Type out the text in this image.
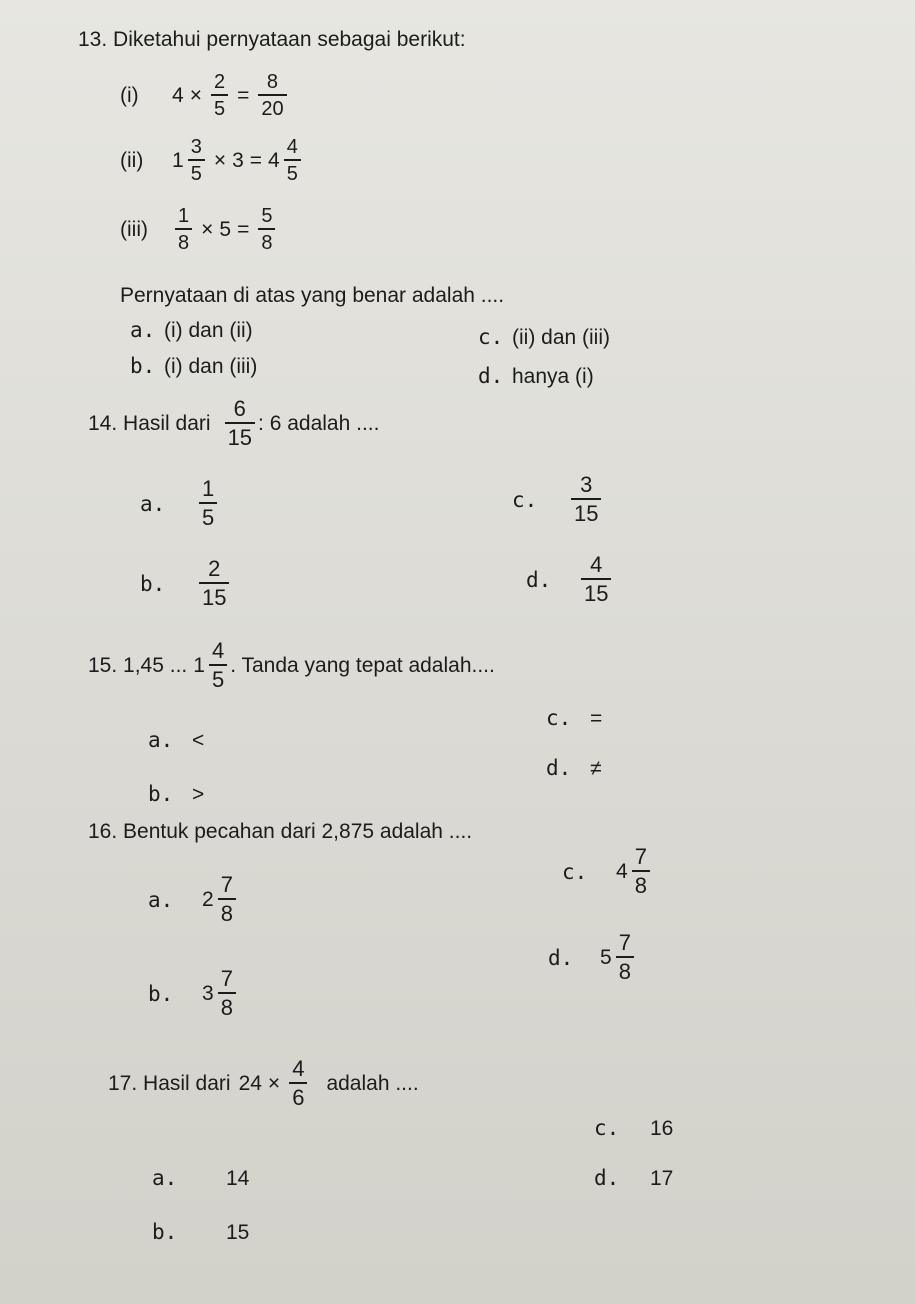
13. Diketahui pernyataan sebagai berikut:
(i)	$4 \times \frac{2}{5} = \frac{8}{20}$
(ii)	$1 \frac{3}{5} \times 3 = 4 \frac{4}{5}$
(iii)	$\frac{1}{8} \times 5 = \frac{5}{8}$
Pernyataan di atas yang benar adalah ....
a. (i) dan (ii)
b. (i) dan (iii)
c. (ii) dan (iii)
d. hanya (i)
14. Hasil dari $\frac{6}{15}$ : 6 adalah ....
a.	$\frac{1}{5}$
b.	$\frac{2}{15}$
c.	$\frac{3}{15}$
d.	$\frac{4}{15}$
15. 1,45 ... $1 \frac{4}{5}$ . Tanda yang tepat adalah....
a. <
b. >
c. =
d. ≠
16. Bentuk pecahan dari 2,875 adalah ....
a.	$2 \frac{7}{8}$
b.	$3 \frac{7}{8}$
c.	$4 \frac{7}{8}$
d.	$5 \frac{7}{8}$
17. Hasil dari $24 \times \frac{4}{6}$ adalah ....
a. 14
b. 15
c. 16
d. 17
